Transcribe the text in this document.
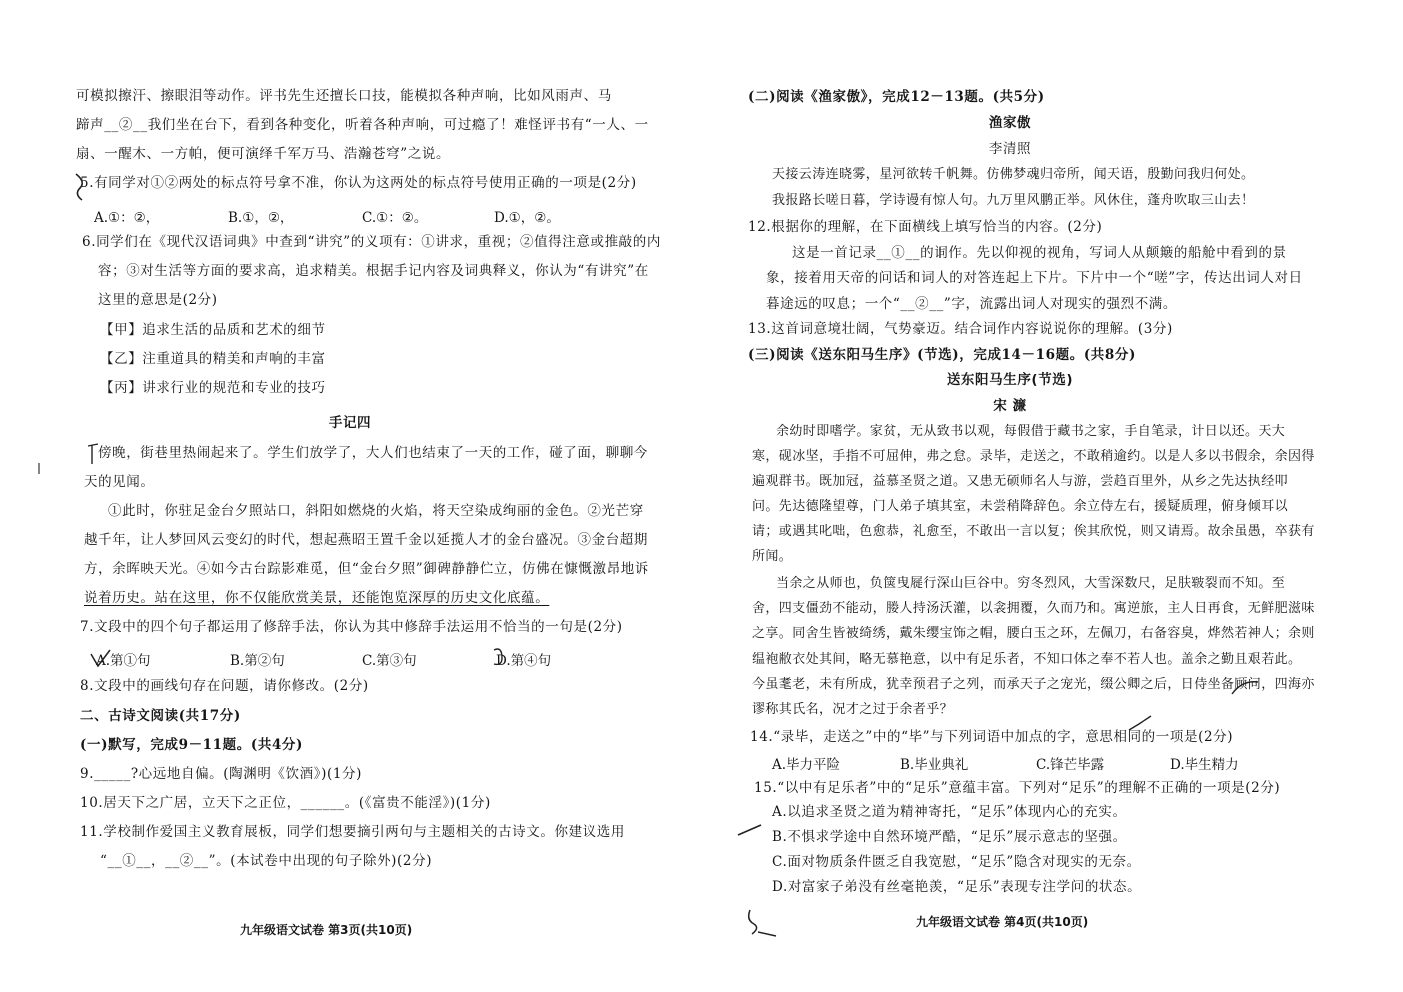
可模拟擦汗、擦眼泪等动作。评书先生还擅长口技，能模拟各种声响，比如风雨声、马
蹄声__②__我们坐在台下，看到各种变化，听着各种声响，可过瘾了！难怪评书有“一人、一
扇、一醒木、一方帕，便可演绎千军万马、浩瀚苍穹”之说。
5.有同学对①②两处的标点符号拿不准，你认为这两处的标点符号使用正确的一项是(2分)
A.①：②，	B.①，②，	C.①：②。	D.①，②。
6.同学们在《现代汉语词典》中查到“讲究”的义项有：①讲求，重视；②值得注意或推敲的内
容；③对生活等方面的要求高，追求精美。根据手记内容及词典释义，你认为“有讲究”在
这里的意思是(2分)
【甲】追求生活的品质和艺术的细节
【乙】注重道具的精美和声响的丰富
【丙】讲求行业的规范和专业的技巧
手记四
傍晚，街巷里热闹起来了。学生们放学了，大人们也结束了一天的工作，碰了面，聊聊今
天的见闻。
①此时，你驻足金台夕照站口，斜阳如燃烧的火焰，将天空染成绚丽的金色。②光芒穿
越千年，让人梦回风云变幻的时代，想起燕昭王置千金以延揽人才的金台盛况。③金台超期
方，余晖映天光。④如今古台踪影难觅，但“金台夕照”御碑静静伫立，仿佛在慷慨激昂地诉
说着历史。站在这里，你不仅能欣赏美景，还能饱览深厚的历史文化底蕴。
7.文段中的四个句子都运用了修辞手法，你认为其中修辞手法运用不恰当的一句是(2分)
A.第①句	B.第②句	C.第③句	D.第④句
8.文段中的画线句存在问题，请你修改。(2分)
二、古诗文阅读(共17分)
(一)默写，完成9－11题。(共4分)
9._____?心远地自偏。(陶渊明《饮酒》)(1分)
10.居天下之广居，立天下之正位，______。(《富贵不能淫》)(1分)
11.学校制作爱国主义教育展板，同学们想要摘引两句与主题相关的古诗文。你建议选用
“__①__，__②__”。(本试卷中出现的句子除外)(2分)
九年级语文试卷 第3页(共10页)
(二)阅读《渔家傲》，完成12－13题。(共5分)
渔家傲
李清照
天接云涛连晓雾，星河欲转千帆舞。仿佛梦魂归帝所，闻天语，殷勤问我归何处。
我报路长嗟日暮，学诗谩有惊人句。九万里风鹏正举。风休住，蓬舟吹取三山去！
12.根据你的理解，在下面横线上填写恰当的内容。(2分)
这是一首记录__①__的词作。先以仰视的视角，写词人从颠簸的船舱中看到的景
象，接着用天帝的问话和词人的对答连起上下片。下片中一个“嗟”字，传达出词人对日
暮途远的叹息；一个“__②__”字，流露出词人对现实的强烈不满。
13.这首词意境壮阔，气势豪迈。结合词作内容说说你的理解。(3分)
(三)阅读《送东阳马生序》(节选)，完成14－16题。(共8分)
送东阳马生序(节选)
宋 濂
余幼时即嗜学。家贫，无从致书以观，每假借于藏书之家，手自笔录，计日以还。天大
寒，砚冰坚，手指不可屈伸，弗之怠。录毕，走送之，不敢稍逾约。以是人多以书假余，余因得
遍观群书。既加冠，益慕圣贤之道。又患无硕师名人与游，尝趋百里外，从乡之先达执经叩
问。先达德隆望尊，门人弟子填其室，未尝稍降辞色。余立侍左右，援疑质理，俯身倾耳以
请；或遇其叱咄，色愈恭，礼愈至，不敢出一言以复；俟其欣悦，则又请焉。故余虽愚，卒获有
所闻。
当余之从师也，负箧曳屣行深山巨谷中。穷冬烈风，大雪深数尺，足肤皲裂而不知。至
舍，四支僵劲不能动，媵人持汤沃灌，以衾拥覆，久而乃和。寓逆旅，主人日再食，无鲜肥滋味
之享。同舍生皆被绮绣，戴朱缨宝饰之帽，腰白玉之环，左佩刀，右备容臭，烨然若神人；余则
缊袍敝衣处其间，略无慕艳意，以中有足乐者，不知口体之奉不若人也。盖余之勤且艰若此。
今虽耄老，未有所成，犹幸预君子之列，而承天子之宠光，缀公卿之后，日侍坐备顾问，四海亦
谬称其氏名，况才之过于余者乎？
14.“录毕，走送之”中的“毕”与下列词语中加点的字，意思相同的一项是(2分)
A.毕力平险	B.毕业典礼	C.锋芒毕露	D.毕生精力
15.“以中有足乐者”中的“足乐”意蕴丰富。下列对“足乐”的理解不正确的一项是(2分)
A.以追求圣贤之道为精神寄托，“足乐”体现内心的充实。
B.不惧求学途中自然环境严酷，“足乐”展示意志的坚强。
C.面对物质条件匮乏自我宽慰，“足乐”隐含对现实的无奈。
D.对富家子弟没有丝毫艳羡，“足乐”表现专注学问的状态。
九年级语文试卷 第4页(共10页)
